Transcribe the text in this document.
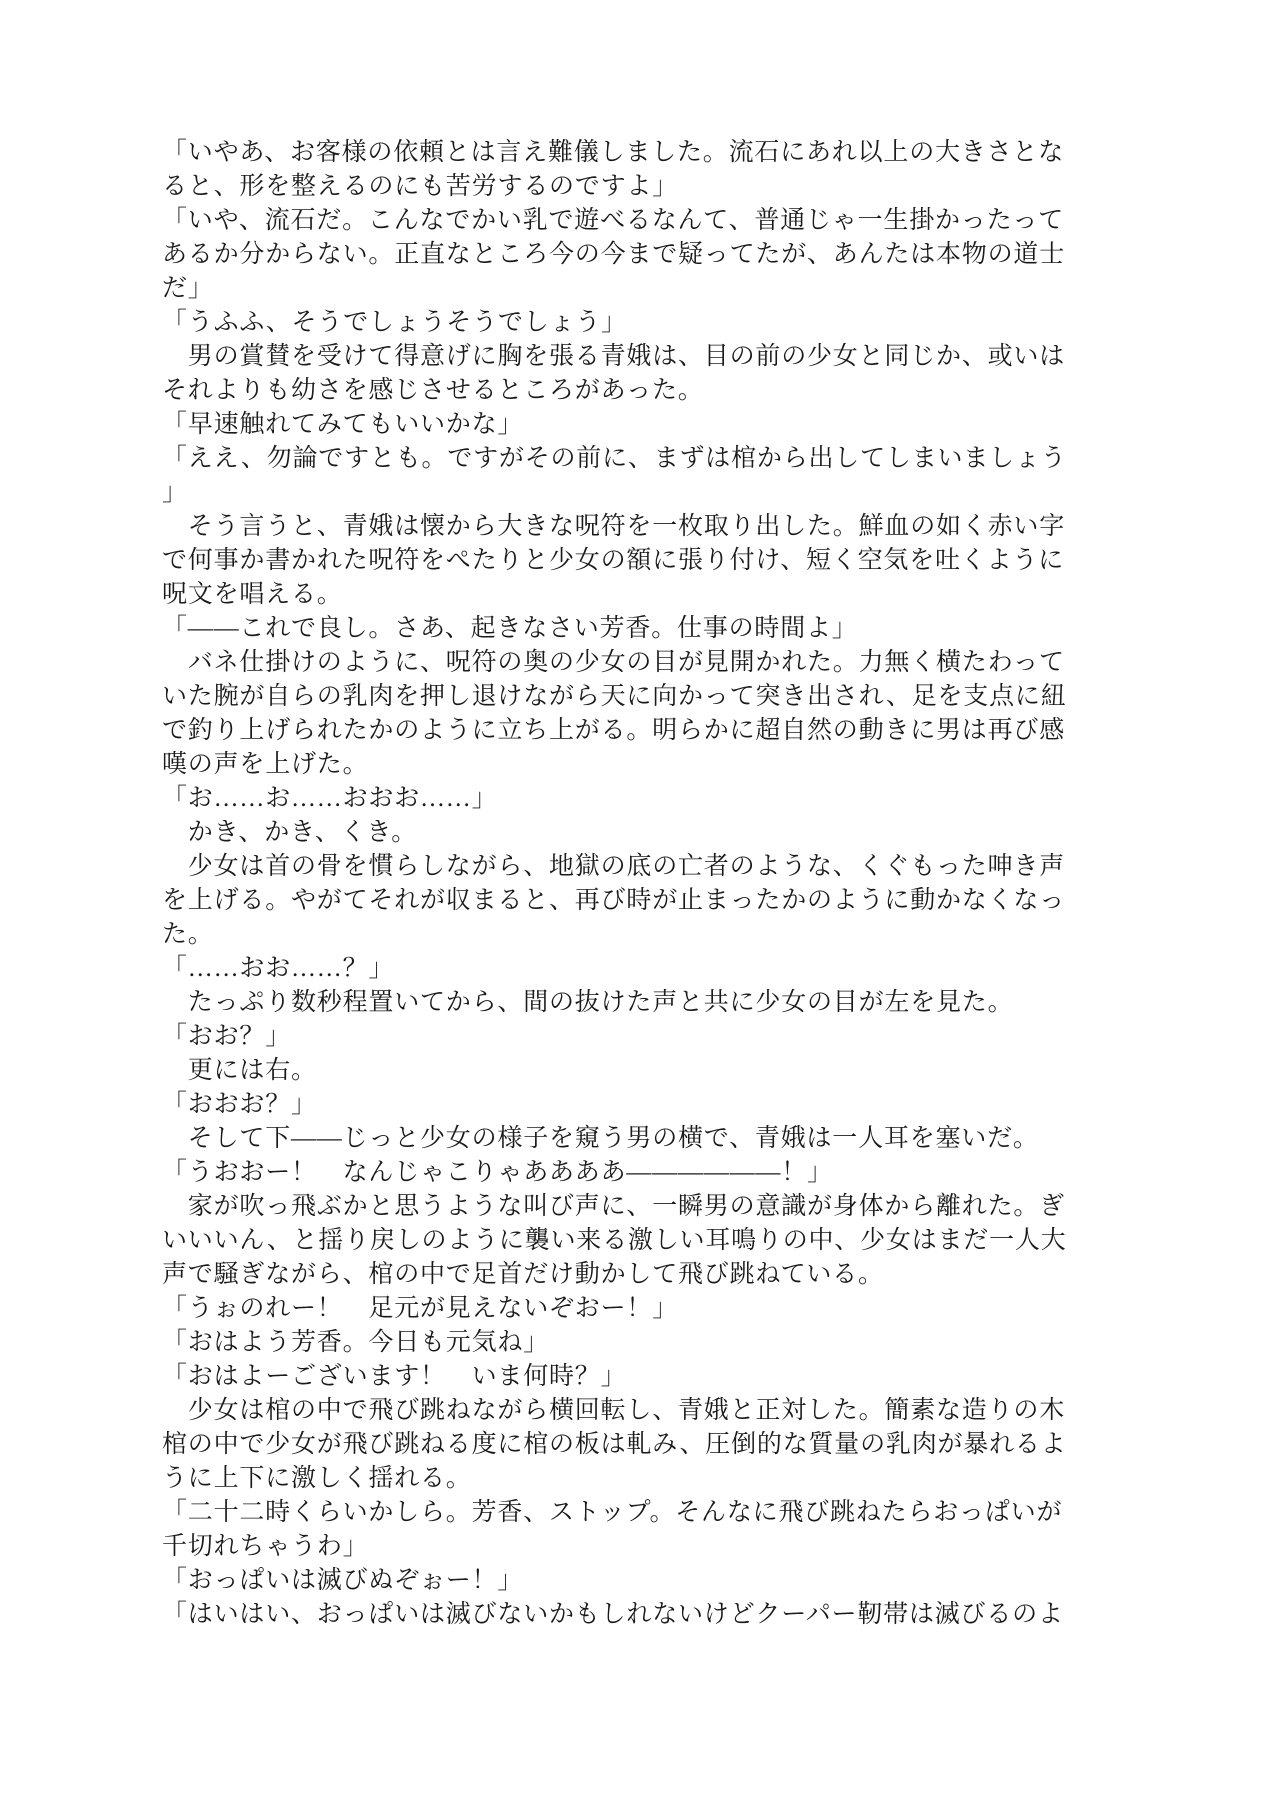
「いやあ、お客様の依頼とは言え難儀しました。流石にあれ以上の大きさとな
ると、形を整えるのにも苦労するのですよ」
「いや、流石だ。こんなでかい乳で遊べるなんて、普通じゃ一生掛かったって
あるか分からない。正直なところ今の今まで疑ってたが、あんたは本物の道士
だ」
「うふふ、そうでしょうそうでしょう」
　男の賞賛を受けて得意げに胸を張る青娥は、目の前の少女と同じか、或いは
それよりも幼さを感じさせるところがあった。
「早速触れてみてもいいかな」
「ええ、勿論ですとも。ですがその前に、まずは棺から出してしまいましょう
」
　そう言うと、青娥は懐から大きな呪符を一枚取り出した。鮮血の如く赤い字
で何事か書かれた呪符をぺたりと少女の額に張り付け、短く空気を吐くように
呪文を唱える。
「――これで良し。さあ、起きなさい芳香。仕事の時間よ」
　バネ仕掛けのように、呪符の奥の少女の目が見開かれた。力無く横たわって
いた腕が自らの乳肉を押し退けながら天に向かって突き出され、足を支点に紐
で釣り上げられたかのように立ち上がる。明らかに超自然の動きに男は再び感
嘆の声を上げた。
「お……お……おおお……」
　かき、かき、くき。
　少女は首の骨を慣らしながら、地獄の底の亡者のような、くぐもった呻き声
を上げる。やがてそれが収まると、再び時が止まったかのように動かなくなっ
た。
「……おお……？」
　たっぷり数秒程置いてから、間の抜けた声と共に少女の目が左を見た。
「おお？」
　更には右。
「おおお？」
　そして下――じっと少女の様子を窺う男の横で、青娥は一人耳を塞いだ。
「うおおー！　なんじゃこりゃああああ――――――！」
　家が吹っ飛ぶかと思うような叫び声に、一瞬男の意識が身体から離れた。ぎ
いいいん、と揺り戻しのように襲い来る激しい耳鳴りの中、少女はまだ一人大
声で騒ぎながら、棺の中で足首だけ動かして飛び跳ねている。
「うぉのれー！　足元が見えないぞおー！」
「おはよう芳香。今日も元気ね」
「おはよーございます！　いま何時？」
　少女は棺の中で飛び跳ねながら横回転し、青娥と正対した。簡素な造りの木
棺の中で少女が飛び跳ねる度に棺の板は軋み、圧倒的な質量の乳肉が暴れるよ
うに上下に激しく揺れる。
「二十二時くらいかしら。芳香、ストップ。そんなに飛び跳ねたらおっぱいが
千切れちゃうわ」
「おっぱいは滅びぬぞぉー！」
「はいはい、おっぱいは滅びないかもしれないけどクーパー靭帯は滅びるのよ
